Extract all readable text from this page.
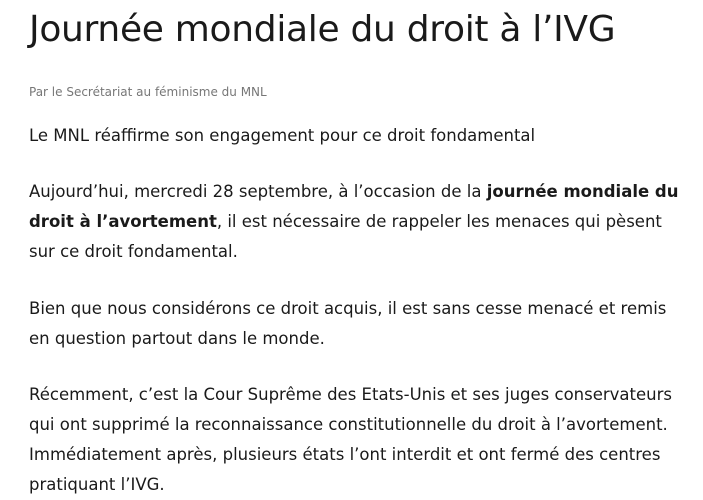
Journée mondiale du droit à l’IVG
Par le Secrétariat au féminisme du MNL

Le MNL réaffirme son engagement pour ce droit fondamental

Aujourd’hui, mercredi 28 septembre, à l’occasion de la journée mondiale du droit à l’avortement, il est nécessaire de rappeler les menaces qui pèsent sur ce droit fondamental.

Bien que nous considérons ce droit acquis, il est sans cesse menacé et remis en question partout dans le monde.

Récemment, c’est la Cour Suprême des Etats-Unis et ses juges conservateurs qui ont supprimé la reconnaissance constitutionnelle du droit à l’avortement. Immédiatement après, plusieurs états l’ont interdit et ont fermé des centres pratiquant l’IVG.
